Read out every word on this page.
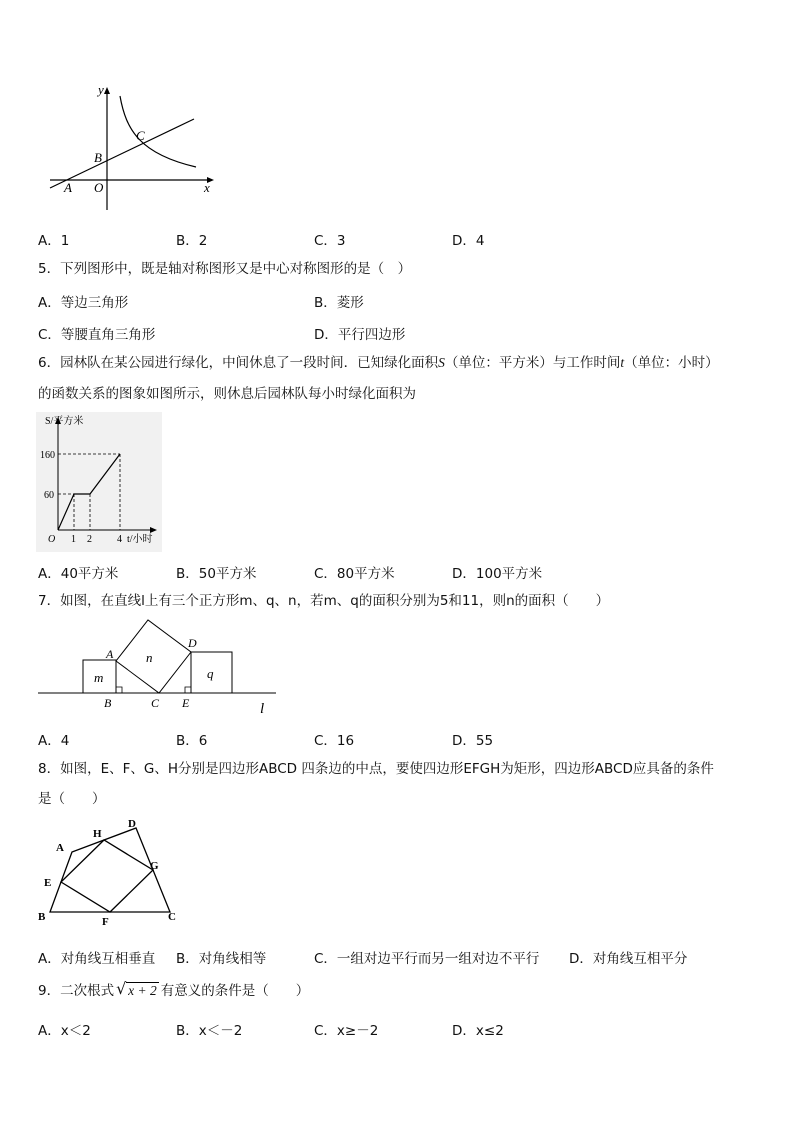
y
x
A O
B
C
A．1	B．2	C．3	D．4
5．下列图形中，既是轴对称图形又是中心对称图形的是（　）
A．等边三角形	B．菱形
C．等腰直角三角形	D．平行四边形
6．园林队在某公园进行绿化，中间休息了一段时间．已知绿化面积S（单位：平方米）与工作时间t（单位：小时）
的函数关系的图象如图所示，则休息后园林队每小时绿化面积为
S/平方米
160
60
O 1 2	4 t/小时
A．40平方米	B．50平方米	C．80平方米	D．100平方米
7．如图，在直线l上有三个正方形m、q、n，若m、q的面积分别为5和11，则n的面积（　　）
A
B	C
D
E
m
n
q
l
A．4	B．6	C．16	D．55
8．如图，E、F、G、H分别是四边形ABCD 四条边的中点，要使四边形EFGH为矩形，四边形ABCD应具备的条件
是（　　）
A
B	C
D
E
F
G
H
A．对角线互相垂直 B．对角线相等	C．一组对边平行而另一组对边不平行 D．对角线互相平分
9．二次根式 √ x + 2 有意义的条件是（　　）
A．x＜2	B．x＜－2	C．x≥－2	D．x≤2
